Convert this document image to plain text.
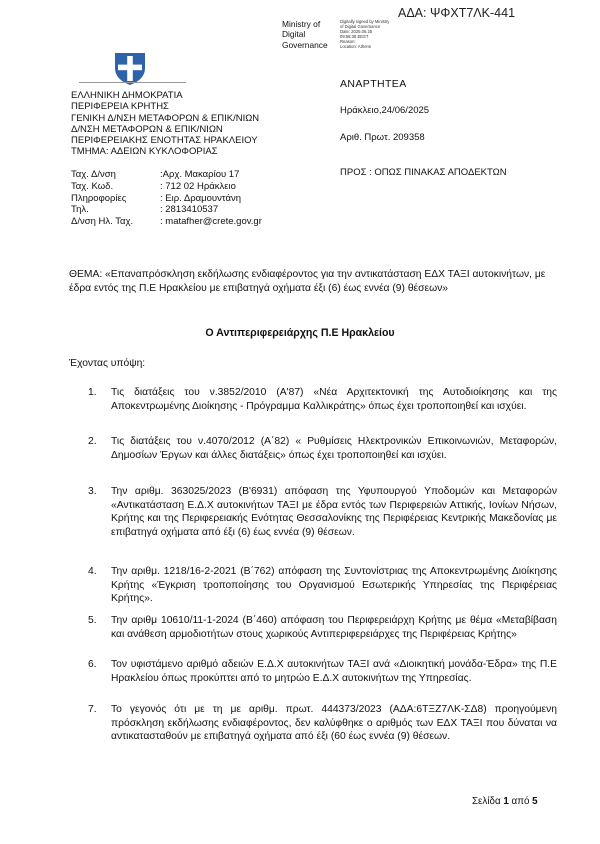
ΑΔΑ: ΨΦΧΤ7ΛΚ-441
Ministry of
Digital
Governance
Digitally signed by Ministry
of Digital Governance
Date: 2025.06.25
09:56:38 EEST
Reason:
Location: Athens
ΕΛΛΗΝΙΚΗ ΔΗΜΟΚΡΑΤΙΑ
ΠΕΡΙΦΕΡΕΙΑ ΚΡΗΤΗΣ
ΓΕΝΙΚΗ Δ/ΝΣΗ ΜΕΤΑΦΟΡΩΝ & ΕΠΙΚ/ΝΙΩΝ
Δ/ΝΣΗ ΜΕΤΑΦΟΡΩΝ & ΕΠΙΚ/ΝΙΩΝ
ΠΕΡΙΦΕΡΕΙΑΚΗΣ ΕΝΟΤΗΤΑΣ ΗΡΑΚΛΕΙΟΥ
ΤΜΗΜΑ: ΑΔΕΙΩΝ ΚΥΚΛΟΦΟΡΙΑΣ
Ταχ. Δ/νση	:Αρχ. Μακαρίου 17
Ταχ. Κωδ.	: 712 02 Ηράκλειο
Πληροφορίες	: Ειρ. Δραμουντάνη
Τηλ.	: 2813410537
Δ/νση Ηλ. Ταχ.	: matafher@crete.gov.gr
ΑΝΑΡΤΗΤΕΑ
Ηράκλειο,24/06/2025
Αριθ. Πρωτ. 209358
ΠΡΟΣ : ΟΠΩΣ ΠΙΝΑΚΑΣ ΑΠΟΔΕΚΤΩΝ
ΘΕΜΑ: «Επαναπρόσκληση εκδήλωσης ενδιαφέροντος για την αντικατάσταση ΕΔΧ ΤΑΞΙ αυτοκινήτων, με έδρα εντός της Π.Ε Ηρακλείου με επιβατηγά οχήματα έξι (6) έως εννέα (9) θέσεων»
Ο Αντιπεριφερειάρχης Π.Ε Ηρακλείου
Έχοντας υπόψη:
1. Τις διατάξεις του ν.3852/2010 (Α'87) «Νέα Αρχιτεκτονική της Αυτοδιοίκησης και της Αποκεντρωμένης Διοίκησης - Πρόγραμμα Καλλικράτης» όπως έχει τροποποιηθεί και ισχύει.
2. Τις διατάξεις του ν.4070/2012 (Α΄82) « Ρυθμίσεις Ηλεκτρονικών Επικοινωνιών, Μεταφορών, Δημοσίων Έργων και άλλες διατάξεις» όπως έχει τροποποιηθεί και ισχύει.
3. Την αριθμ. 363025/2023 (Β'6931) απόφαση της Υφυπουργού Υποδομών και Μεταφορών «Αντικατάσταση Ε.Δ.Χ αυτοκινήτων ΤΑΞΙ με έδρα εντός των Περιφερειών Αττικής, Ιονίων Νήσων, Κρήτης και της Περιφερειακής Ενότητας Θεσσαλονίκης της Περιφέρειας Κεντρικής Μακεδονίας με επιβατηγά οχήματα από έξι (6) έως εννέα (9) θέσεων.
4. Την αριθμ. 1218/16-2-2021 (Β΄762) απόφαση της Συντονίστριας της Αποκεντρωμένης Διοίκησης Κρήτης «Έγκριση τροποποίησης του Οργανισμού Εσωτερικής Υπηρεσίας της Περιφέρειας Κρήτης».
5. Την αριθμ 10610/11-1-2024 (Β΄460) απόφαση του Περιφερειάρχη Κρήτης με θέμα «Μεταβίβαση και ανάθεση αρμοδιοτήτων στους χωρικούς Αντιπεριφερειάρχες της Περιφέρειας Κρήτης»
6. Τον υφιστάμενο αριθμό αδειών Ε.Δ.Χ αυτοκινήτων ΤΑΞΙ ανά «Διοικητική μονάδα-Έδρα» της Π.Ε Ηρακλείου όπως προκύπτει από το μητρώο Ε.Δ.Χ αυτοκινήτων της Υπηρεσίας.
7. Το γεγονός ότι με τη με αριθμ. πρωτ. 444373/2023 (ΑΔΑ:6ΤΞΖ7ΛΚ-ΣΔ8) προηγούμενη πρόσκληση εκδήλωσης ενδιαφέροντος, δεν καλύφθηκε ο αριθμός των ΕΔΧ ΤΑΞΙ που δύναται να αντικατασταθούν με επιβατηγά οχήματα από έξι (60 έως εννέα (9) θέσεων.
Σελίδα 1 από 5
